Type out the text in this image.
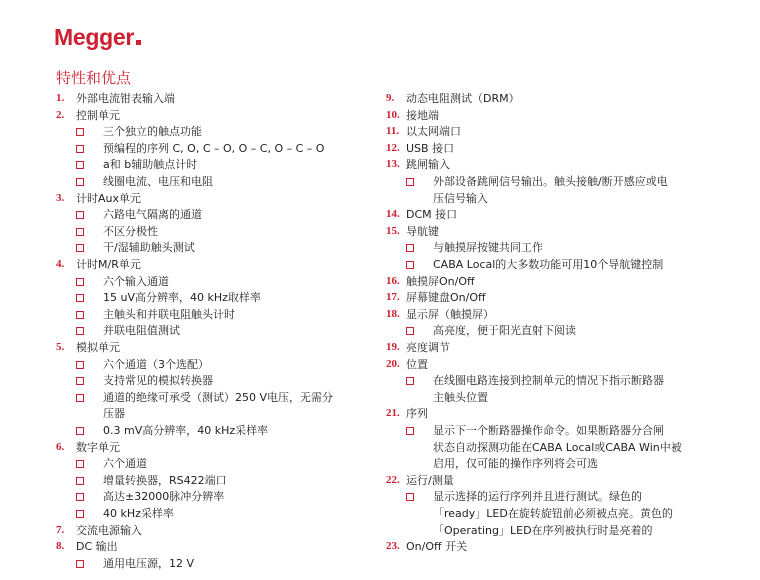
Megger
特性和优点
1.	外部电流钳表输入端
2.	控制单元
三个独立的触点功能
预编程的序列 C, O, C – O, O – C, O – C – O
a和 b辅助触点计时
线圈电流、电压和电阻
3.	计时Aux单元
六路电气隔离的通道
不区分极性
干/湿辅助触头测试
4.	计时M/R单元
六个输入通道
15 uV高分辨率，40 kHz取样率
主触头和并联电阻触头计时
并联电阻值测试
5.	模拟单元
六个通道（3个选配）
支持常见的模拟转换器
通道的绝缘可承受（测试）250 V电压，无需分
压器
0.3 mV高分辨率，40 kHz采样率
6.	数字单元
六个通道
增量转换器，RS422端口
高达±32000脉冲分辨率
40 kHz采样率
7.	交流电源输入
8.	DC 输出
通用电压源，12 V
9.	动态电阻测试（DRM）
10. 接地端
11. 以太网端口
12. USB 接口
13. 跳闸输入
外部设备跳闸信号输出。触头接触/断开感应或电
压信号输入
14. DCM 接口
15. 导航键
与触摸屏按键共同工作
CABA Local的大多数功能可用10个导航键控制
16. 触摸屏On/Off
17. 屏幕键盘On/Off
18. 显示屏（触摸屏）
高亮度，便于阳光直射下阅读
19. 亮度调节
20. 位置
在线圈电路连接到控制单元的情况下指示断路器
主触头位置
21. 序列
显示下一个断路器操作命令。如果断路器分合闸
状态自动探测功能在CABA Local或CABA Win中被
启用，仅可能的操作序列将会可选
22. 运行/测量
显示选择的运行序列并且进行测试。绿色的
「ready」LED在旋转旋钮前必须被点亮。黄色的
「Operating」LED在序列被执行时是亮着的
23. On/Off 开关
